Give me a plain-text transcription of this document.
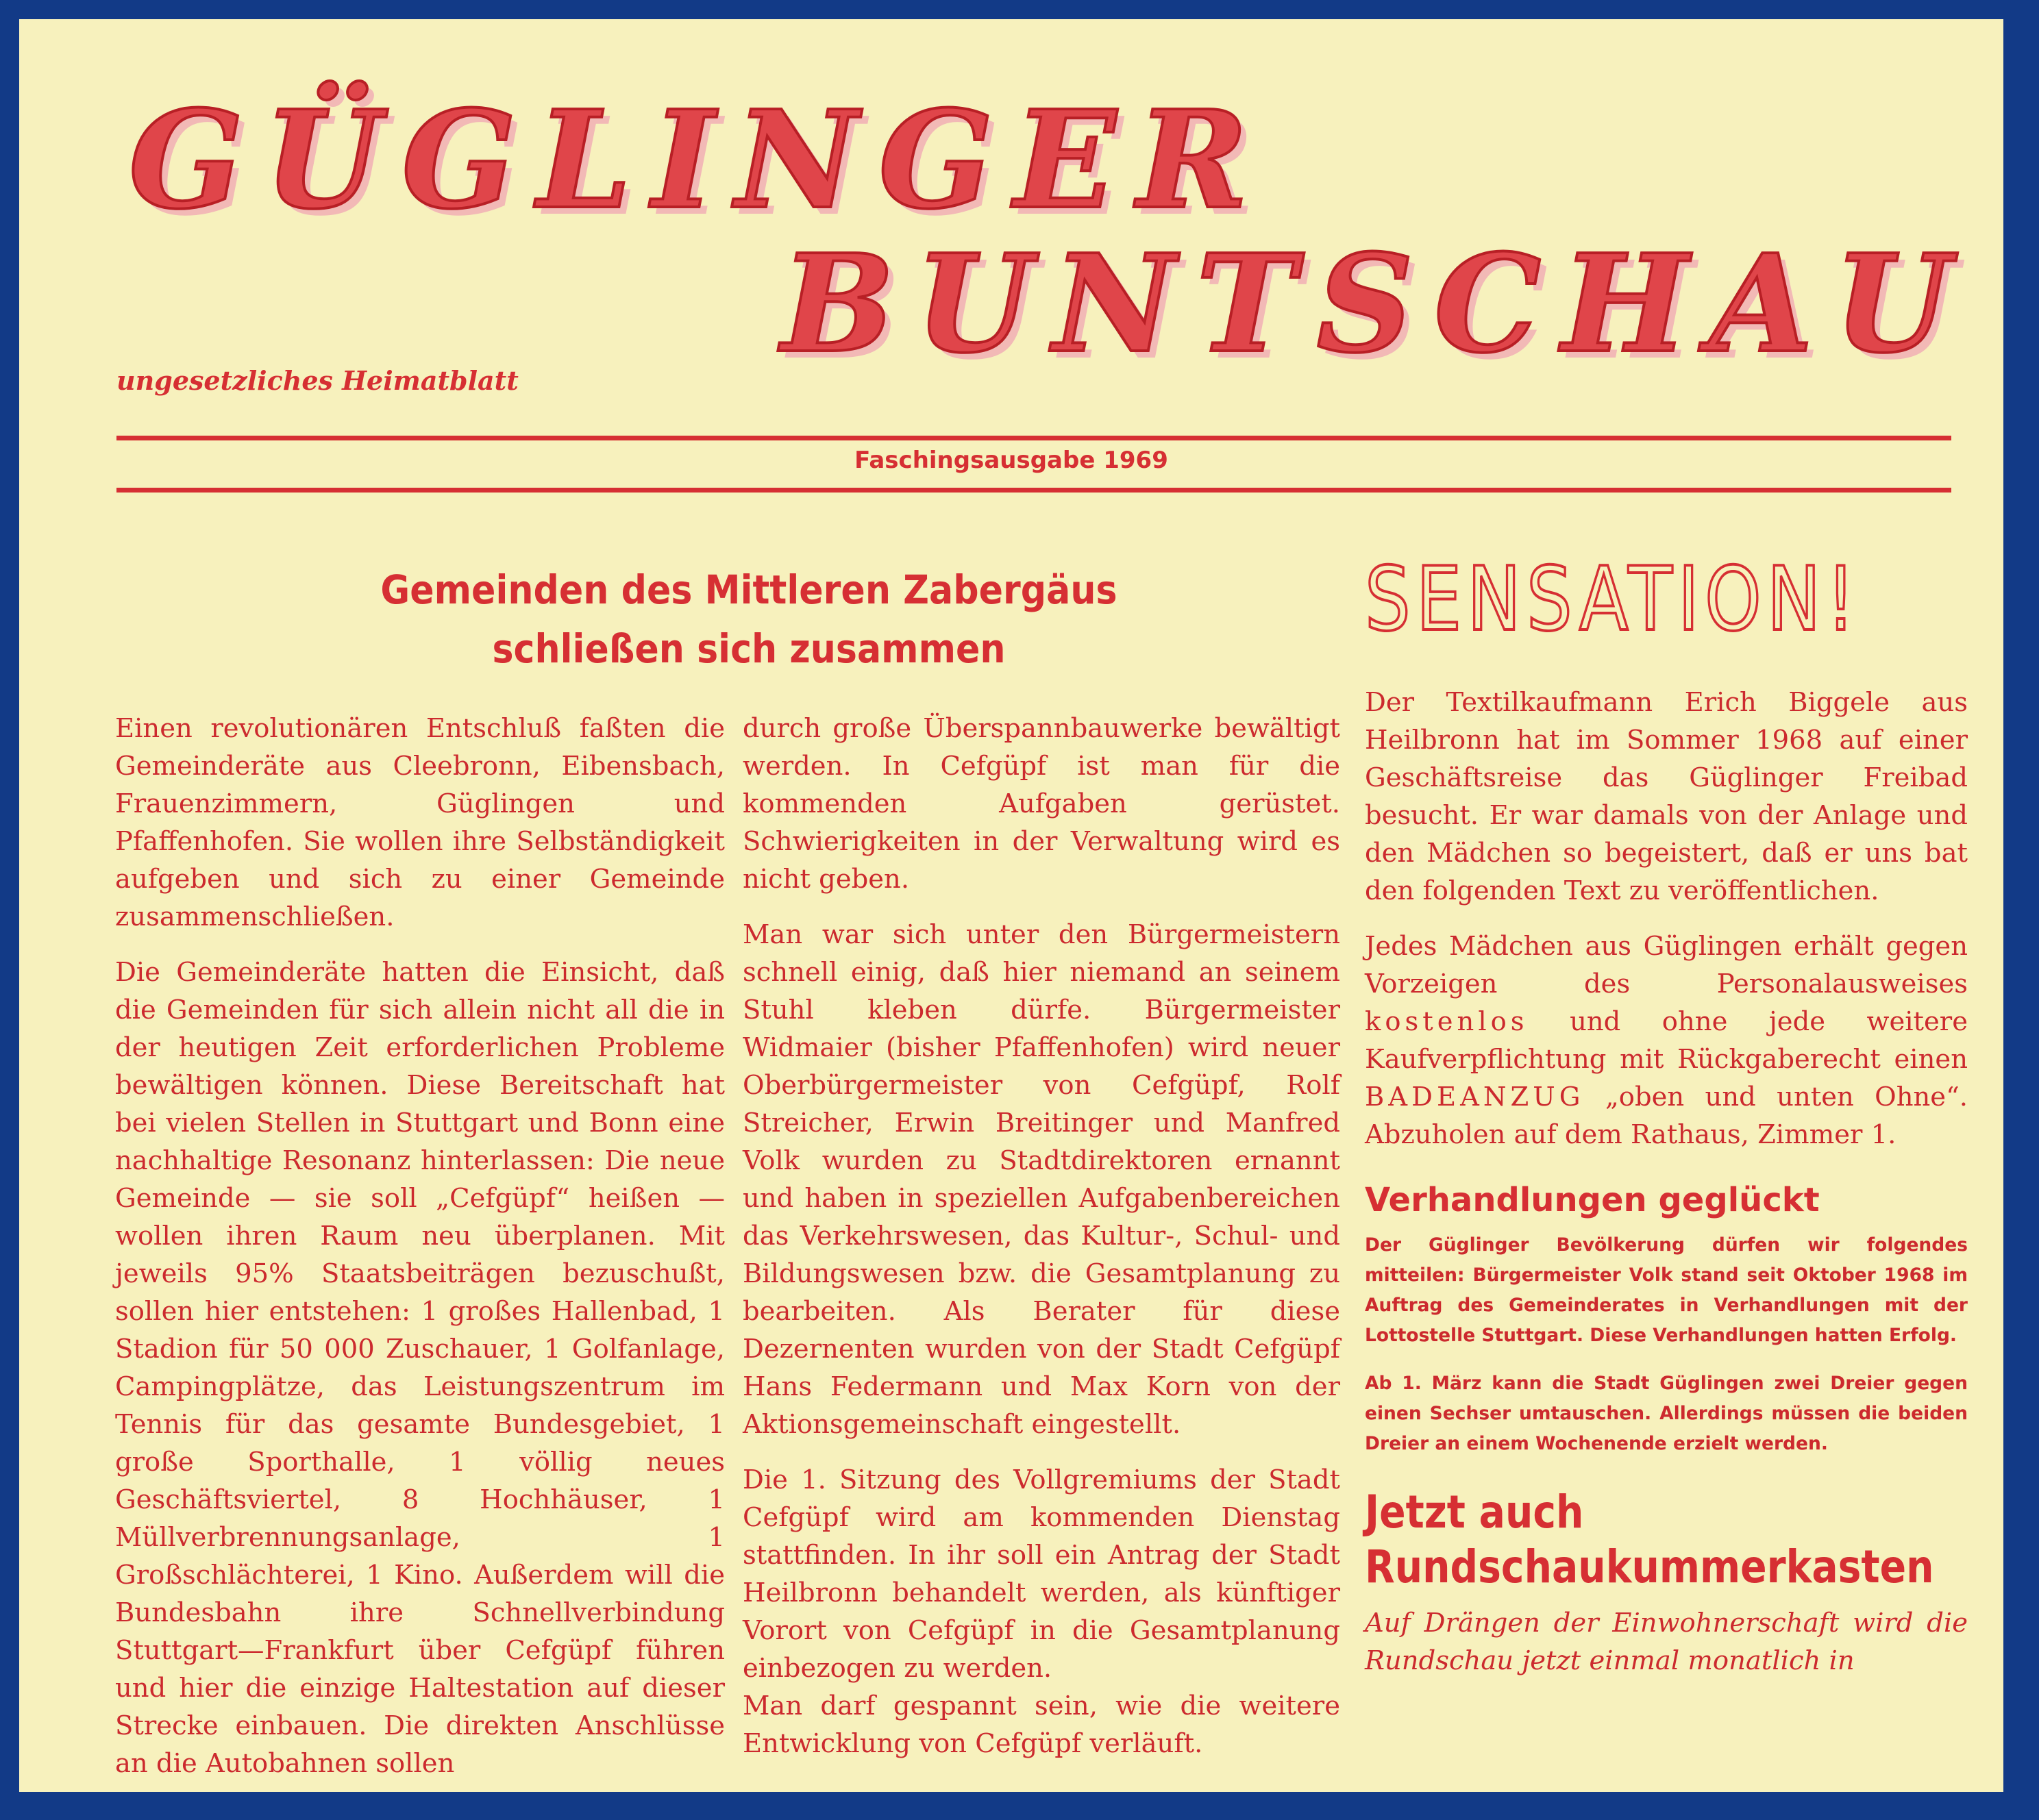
GÜGLINGER
BUNTSCHAU
ungesetzliches Heimatblatt
Faschingsausgabe 1969
Gemeinden des Mittleren Zabergäus
schließen sich zusammen

Einen revolutionären Entschluß faßten die Gemeinderäte aus Cleebronn, Eibensbach, Frauenzimmern, Güglingen und Pfaffenhofen. Sie wollen ihre Selbständigkeit aufgeben und sich zu einer Gemeinde zusammenschließen.

Die Gemeinderäte hatten die Einsicht, daß die Gemeinden für sich allein nicht all die in der heutigen Zeit erforderlichen Probleme bewältigen können. Diese Bereitschaft hat bei vielen Stellen in Stuttgart und Bonn eine nachhaltige Resonanz hinterlassen: Die neue Gemeinde — sie soll „Cefgüpf“ heißen — wollen ihren Raum neu überplanen. Mit jeweils 95% Staatsbeiträgen bezuschußt, sollen hier entstehen: 1 großes Hallenbad, 1 Stadion für 50 000 Zuschauer, 1 Golfanlage, Campingplätze, das Leistungszentrum im Tennis für das gesamte Bundesgebiet, 1 große Sporthalle, 1 völlig neues Geschäftsviertel, 8 Hochhäuser, 1 Müllverbrennungsanlage, 1 Großschlächterei, 1 Kino. Außerdem will die Bundesbahn ihre Schnellverbindung Stuttgart—Frankfurt über Cefgüpf führen und hier die einzige Haltestation auf dieser Strecke einbauen. Die direkten Anschlüsse an die Autobahnen sollen

durch große Überspannbauwerke bewältigt werden. In Cefgüpf ist man für die kommenden Aufgaben gerüstet. Schwierigkeiten in der Verwaltung wird es nicht geben.

Man war sich unter den Bürgermeistern schnell einig, daß hier niemand an seinem Stuhl kleben dürfe. Bürgermeister Widmaier (bisher Pfaffenhofen) wird neuer Oberbürgermeister von Cefgüpf, Rolf Streicher, Erwin Breitinger und Manfred Volk wurden zu Stadtdirektoren ernannt und haben in speziellen Aufgabenbereichen das Verkehrswesen, das Kultur-, Schul- und Bildungswesen bzw. die Gesamtplanung zu bearbeiten. Als Berater für diese Dezernenten wurden von der Stadt Cefgüpf Hans Federmann und Max Korn von der Aktionsgemeinschaft eingestellt.

Die 1. Sitzung des Vollgremiums der Stadt Cefgüpf wird am kommenden Dienstag stattfinden. In ihr soll ein Antrag der Stadt Heilbronn behandelt werden, als künftiger Vorort von Cefgüpf in die Gesamtplanung einbezogen zu werden.

Man darf gespannt sein, wie die weitere Entwicklung von Cefgüpf verläuft.

SENSATION!

Der Textilkaufmann Erich Biggele aus Heilbronn hat im Sommer 1968 auf einer Geschäftsreise das Güglinger Freibad besucht. Er war damals von der Anlage und den Mädchen so begeistert, daß er uns bat den folgenden Text zu veröffentlichen.

Jedes Mädchen aus Güglingen erhält gegen Vorzeigen des Personalausweises kostenlos und ohne jede weitere Kaufverpflichtung mit Rückgaberecht einen BADEANZUG „oben und unten Ohne“. Abzuholen auf dem Rathaus, Zimmer 1.

Verhandlungen geglückt

Der Güglinger Bevölkerung dürfen wir folgendes mitteilen: Bürgermeister Volk stand seit Oktober 1968 im Auftrag des Gemeinderates in Verhandlungen mit der Lottostelle Stuttgart. Diese Verhandlungen hatten Erfolg.

Ab 1. März kann die Stadt Güglingen zwei Dreier gegen einen Sechser umtauschen. Allerdings müssen die beiden Dreier an einem Wochenende erzielt werden.

Jetzt auch
Rundschaukummerkasten

Auf Drängen der Einwohnerschaft wird die Rundschau jetzt einmal monatlich in
